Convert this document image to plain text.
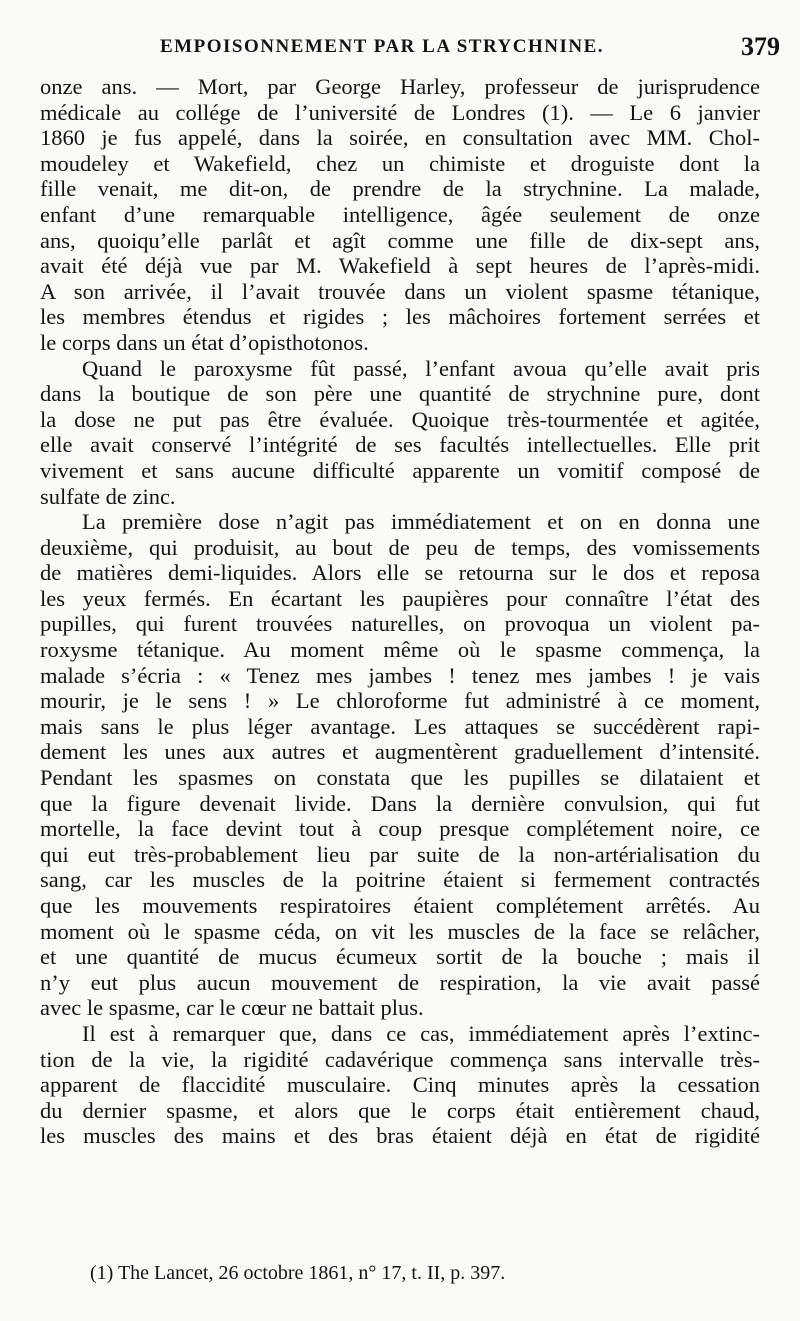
EMPOISONNEMENT PAR LA STRYCHNINE.	379
onze ans. — Mort, par George Harley, professeur de jurisprudence
médicale au collége de l’université de Londres (1). — Le 6 janvier
1860 je fus appelé, dans la soirée, en consultation avec MM. Chol-
moudeley et Wakefield, chez un chimiste et droguiste dont la
fille venait, me dit-on, de prendre de la strychnine. La malade,
enfant d’une remarquable intelligence, âgée seulement de onze
ans, quoiqu’elle parlât et agît comme une fille de dix-sept ans,
avait été déjà vue par M. Wakefield à sept heures de l’après-midi.
A son arrivée, il l’avait trouvée dans un violent spasme tétanique,
les membres étendus et rigides ; les mâchoires fortement serrées et
le corps dans un état d’opisthotonos.
Quand le paroxysme fût passé, l’enfant avoua qu’elle avait pris
dans la boutique de son père une quantité de strychnine pure, dont
la dose ne put pas être évaluée. Quoique très-tourmentée et agitée,
elle avait conservé l’intégrité de ses facultés intellectuelles. Elle prit
vivement et sans aucune difficulté apparente un vomitif composé de
sulfate de zinc.
La première dose n’agit pas immédiatement et on en donna une
deuxième, qui produisit, au bout de peu de temps, des vomissements
de matières demi-liquides. Alors elle se retourna sur le dos et reposa
les yeux fermés. En écartant les paupières pour connaître l’état des
pupilles, qui furent trouvées naturelles, on provoqua un violent pa-
roxysme tétanique. Au moment même où le spasme commença, la
malade s’écria : « Tenez mes jambes ! tenez mes jambes ! je vais
mourir, je le sens ! » Le chloroforme fut administré à ce moment,
mais sans le plus léger avantage. Les attaques se succédèrent rapi-
dement les unes aux autres et augmentèrent graduellement d’intensité.
Pendant les spasmes on constata que les pupilles se dilataient et
que la figure devenait livide. Dans la dernière convulsion, qui fut
mortelle, la face devint tout à coup presque complétement noire, ce
qui eut très-probablement lieu par suite de la non-artérialisation du
sang, car les muscles de la poitrine étaient si fermement contractés
que les mouvements respiratoires étaient complétement arrêtés. Au
moment où le spasme céda, on vit les muscles de la face se relâcher,
et une quantité de mucus écumeux sortit de la bouche ; mais il
n’y eut plus aucun mouvement de respiration, la vie avait passé
avec le spasme, car le cœur ne battait plus.
Il est à remarquer que, dans ce cas, immédiatement après l’extinc-
tion de la vie, la rigidité cadavérique commença sans intervalle très-
apparent de flaccidité musculaire. Cinq minutes après la cessation
du dernier spasme, et alors que le corps était entièrement chaud,
les muscles des mains et des bras étaient déjà en état de rigidité
(1) The Lancet, 26 octobre 1861, n° 17, t. II, p. 397.
